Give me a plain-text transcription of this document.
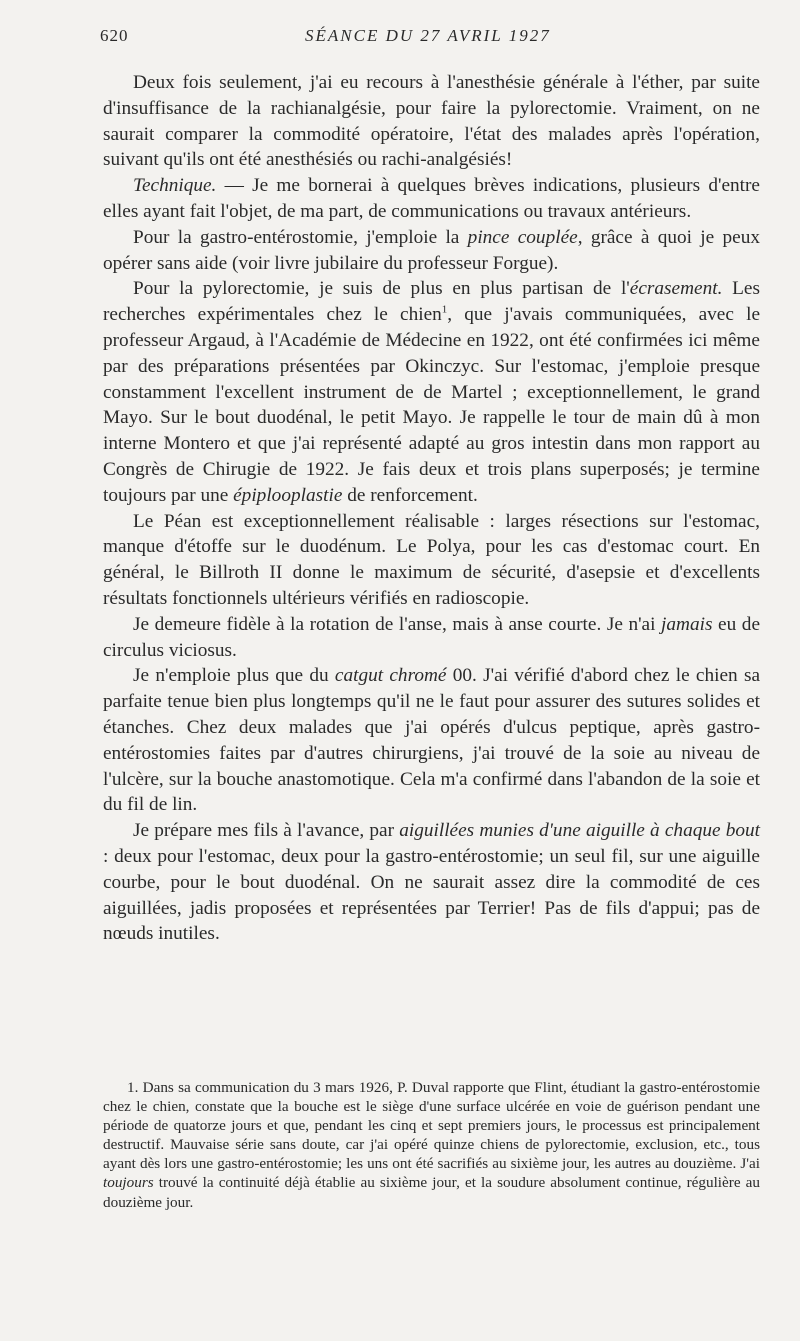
620	SÉANCE DU 27 AVRIL 1927

Deux fois seulement, j'ai eu recours à l'anesthésie générale à l'éther, par suite d'insuffisance de la rachianalgésie, pour faire la pylorectomie. Vraiment, on ne saurait comparer la commodité opératoire, l'état des malades après l'opération, suivant qu'ils ont été anesthésiés ou rachi-analgésiés!

Technique. — Je me bornerai à quelques brèves indications, plusieurs d'entre elles ayant fait l'objet, de ma part, de communications ou travaux antérieurs.

Pour la gastro-entérostomie, j'emploie la pince couplée, grâce à quoi je peux opérer sans aide (voir livre jubilaire du professeur Forgue).

Pour la pylorectomie, je suis de plus en plus partisan de l'écrasement. Les recherches expérimentales chez le chien$^1$, que j'avais communiquées, avec le professeur Argaud, à l'Académie de Médecine en 1922, ont été confirmées ici même par des préparations présentées par Okinczyc. Sur l'estomac, j'emploie presque constamment l'excellent instrument de de Martel ; exceptionnellement, le grand Mayo. Sur le bout duodénal, le petit Mayo. Je rappelle le tour de main dû à mon interne Montero et que j'ai représenté adapté au gros intestin dans mon rapport au Congrès de Chirugie de 1922. Je fais deux et trois plans superposés; je termine toujours par une épiplooplastie de renforcement.

Le Péan est exceptionnellement réalisable : larges résections sur l'estomac, manque d'étoffe sur le duodénum. Le Polya, pour les cas d'estomac court. En général, le Billroth II donne le maximum de sécurité, d'asepsie et d'excellents résultats fonctionnels ultérieurs vérifiés en radioscopie.

Je demeure fidèle à la rotation de l'anse, mais à anse courte. Je n'ai jamais eu de circulus viciosus.

Je n'emploie plus que du catgut chromé 00. J'ai vérifié d'abord chez le chien sa parfaite tenue bien plus longtemps qu'il ne le faut pour assurer des sutures solides et étanches. Chez deux malades que j'ai opérés d'ulcus peptique, après gastro-entérostomies faites par d'autres chirurgiens, j'ai trouvé de la soie au niveau de l'ulcère, sur la bouche anastomotique. Cela m'a confirmé dans l'abandon de la soie et du fil de lin.

Je prépare mes fils à l'avance, par aiguillées munies d'une aiguille à chaque bout : deux pour l'estomac, deux pour la gastro-entérostomie; un seul fil, sur une aiguille courbe, pour le bout duodénal. On ne saurait assez dire la commodité de ces aiguillées, jadis proposées et représentées par Terrier! Pas de fils d'appui; pas de nœuds inutiles.

1. Dans sa communication du 3 mars 1926, P. Duval rapporte que Flint, étudiant la gastro-entérostomie chez le chien, constate que la bouche est le siège d'une surface ulcérée en voie de guérison pendant une période de quatorze jours et que, pendant les cinq et sept premiers jours, le processus est principalement destructif. Mauvaise série sans doute, car j'ai opéré quinze chiens de pylorectomie, exclusion, etc., tous ayant dès lors une gastro-entérostomie; les uns ont été sacrifiés au sixième jour, les autres au douzième. J'ai toujours trouvé la continuité déjà établie au sixième jour, et la soudure absolument continue, régulière au douzième jour.
